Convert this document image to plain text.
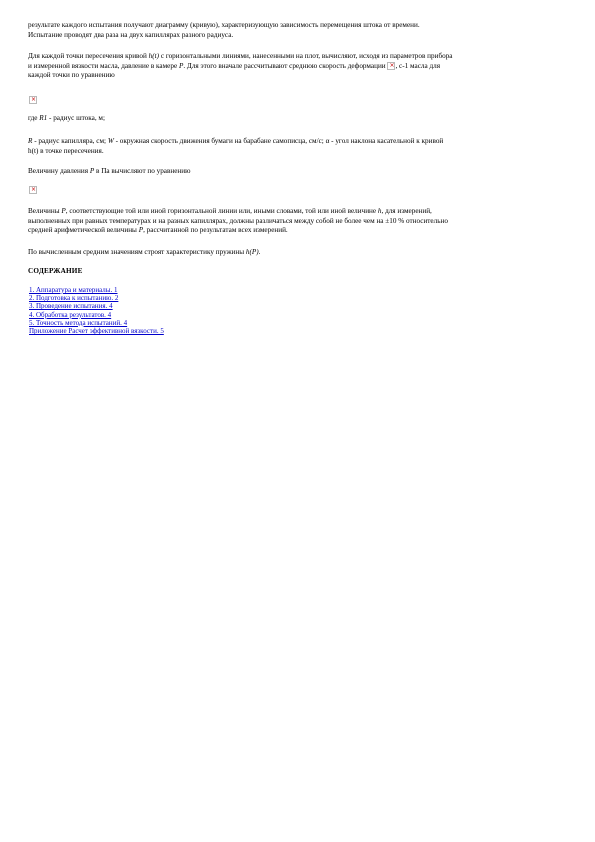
результате каждого испытания получают диаграмму (кривую), характеризующую зависимость перемещения штока от времени.
Испытание проводят два раза на двух капиллярах разного радиуса.

Для каждой точки пересечения кривой h(t) с горизонтальными линиями, нанесенными на плот, вычисляют, исходя из параметров прибора
и измеренной вязкости масла, давление в камере P. Для этого вначале рассчитывают среднюю скорость деформации × , с-1 масла для
каждой точки по уравнению

×

где R1 - радиус штока, м;

R - радиус капилляра, см; W - окружная скорость движения бумаги на барабане самописца, см/с; α - угол наклона касательной к кривой
h(t) в точке пересечения.

Величину давления P в Па вычисляют по уравнению

×

Величины P, соответствующие той или иной горизонтальной линии или, иными словами, той или иной величине h, для измерений,
выполненных при равных температурах и на разных капиллярах, должны различаться между собой не более чем на ±10 % относительно
средней арифметической величины P, рассчитанной по результатам всех измерений.

По вычисленным средним значениям строят характеристику пружины h(P).

СОДЕРЖАНИЕ

1. Аппаратура и материалы. 1
2. Подготовка к испытанию. 2
3. Проведение испытания. 4
4. Обработка результатов. 4
5. Точность метода испытаний. 4
Приложение Расчет эффективной вязкости. 5
